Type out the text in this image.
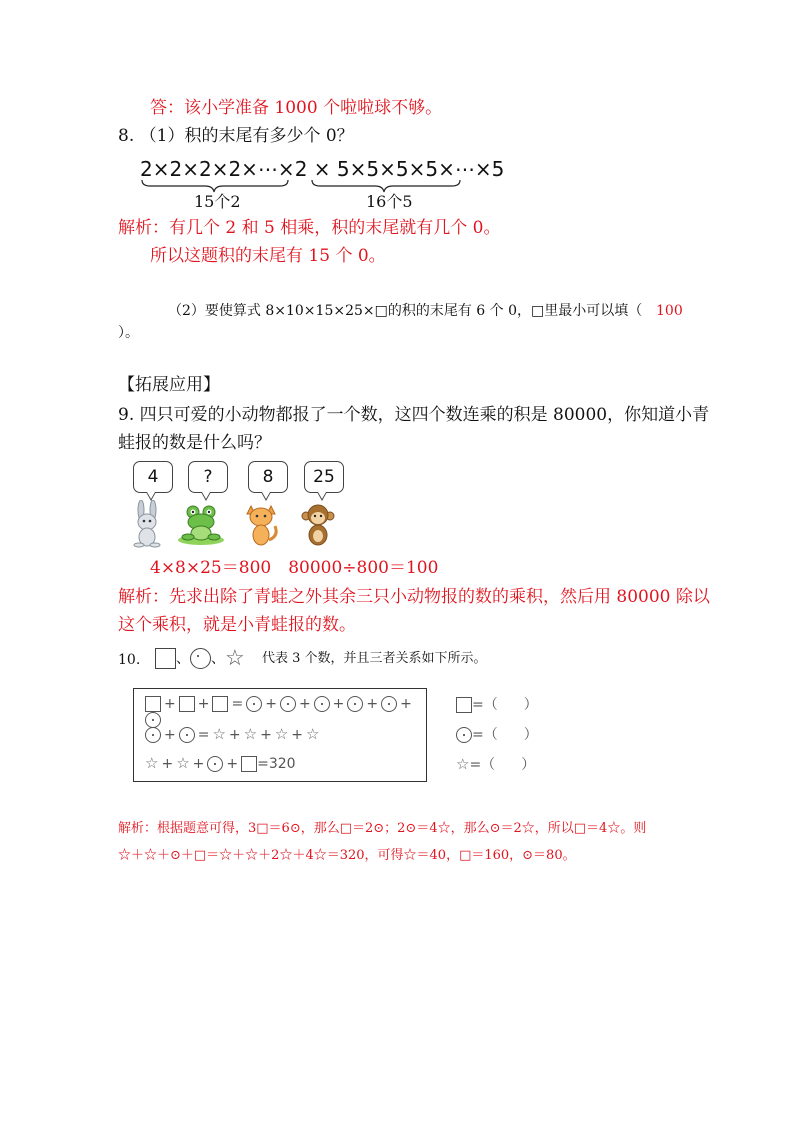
答：该小学准备 1000 个啦啦球不够。
8. （1）积的末尾有多少个 0？
2×2×2×2×⋯×2 × 5×5×5×5×⋯×5
15个2	16个5
解析：有几个 2 和 5 相乘，积的末尾就有几个 0。
所以这题积的末尾有 15 个 0。
（2）要使算式 8×10×15×25×□的积的末尾有 6 个 0，□里最小可以填（ 100
）。
【拓展应用】
9. 四只可爱的小动物都报了一个数，这四个数连乘的积是 80000，你知道小青
蛙报的数是什么吗？
4	?	8	25
4×8×25＝800　80000÷800＝100
解析：先求出除了青蛙之外其余三只小动物报的数的乘积，然后用 80000 除以
这个乘积，就是小青蛙报的数。
10.	、 、☆ 代表 3 个数，并且三者关系如下所示。
+ + = + + + + +
+ = ☆ + ☆ + ☆ + ☆
☆ + ☆ + + =320
=（ ）
=（ ）
☆=（ ）
解析：根据题意可得，3□＝6⊙，那么□＝2⊙；2⊙＝4☆，那么⊙＝2☆，所以□＝4☆。则
☆＋☆＋⊙＋□＝☆＋☆＋2☆＋4☆＝320，可得☆＝40，□＝160，⊙＝80。
